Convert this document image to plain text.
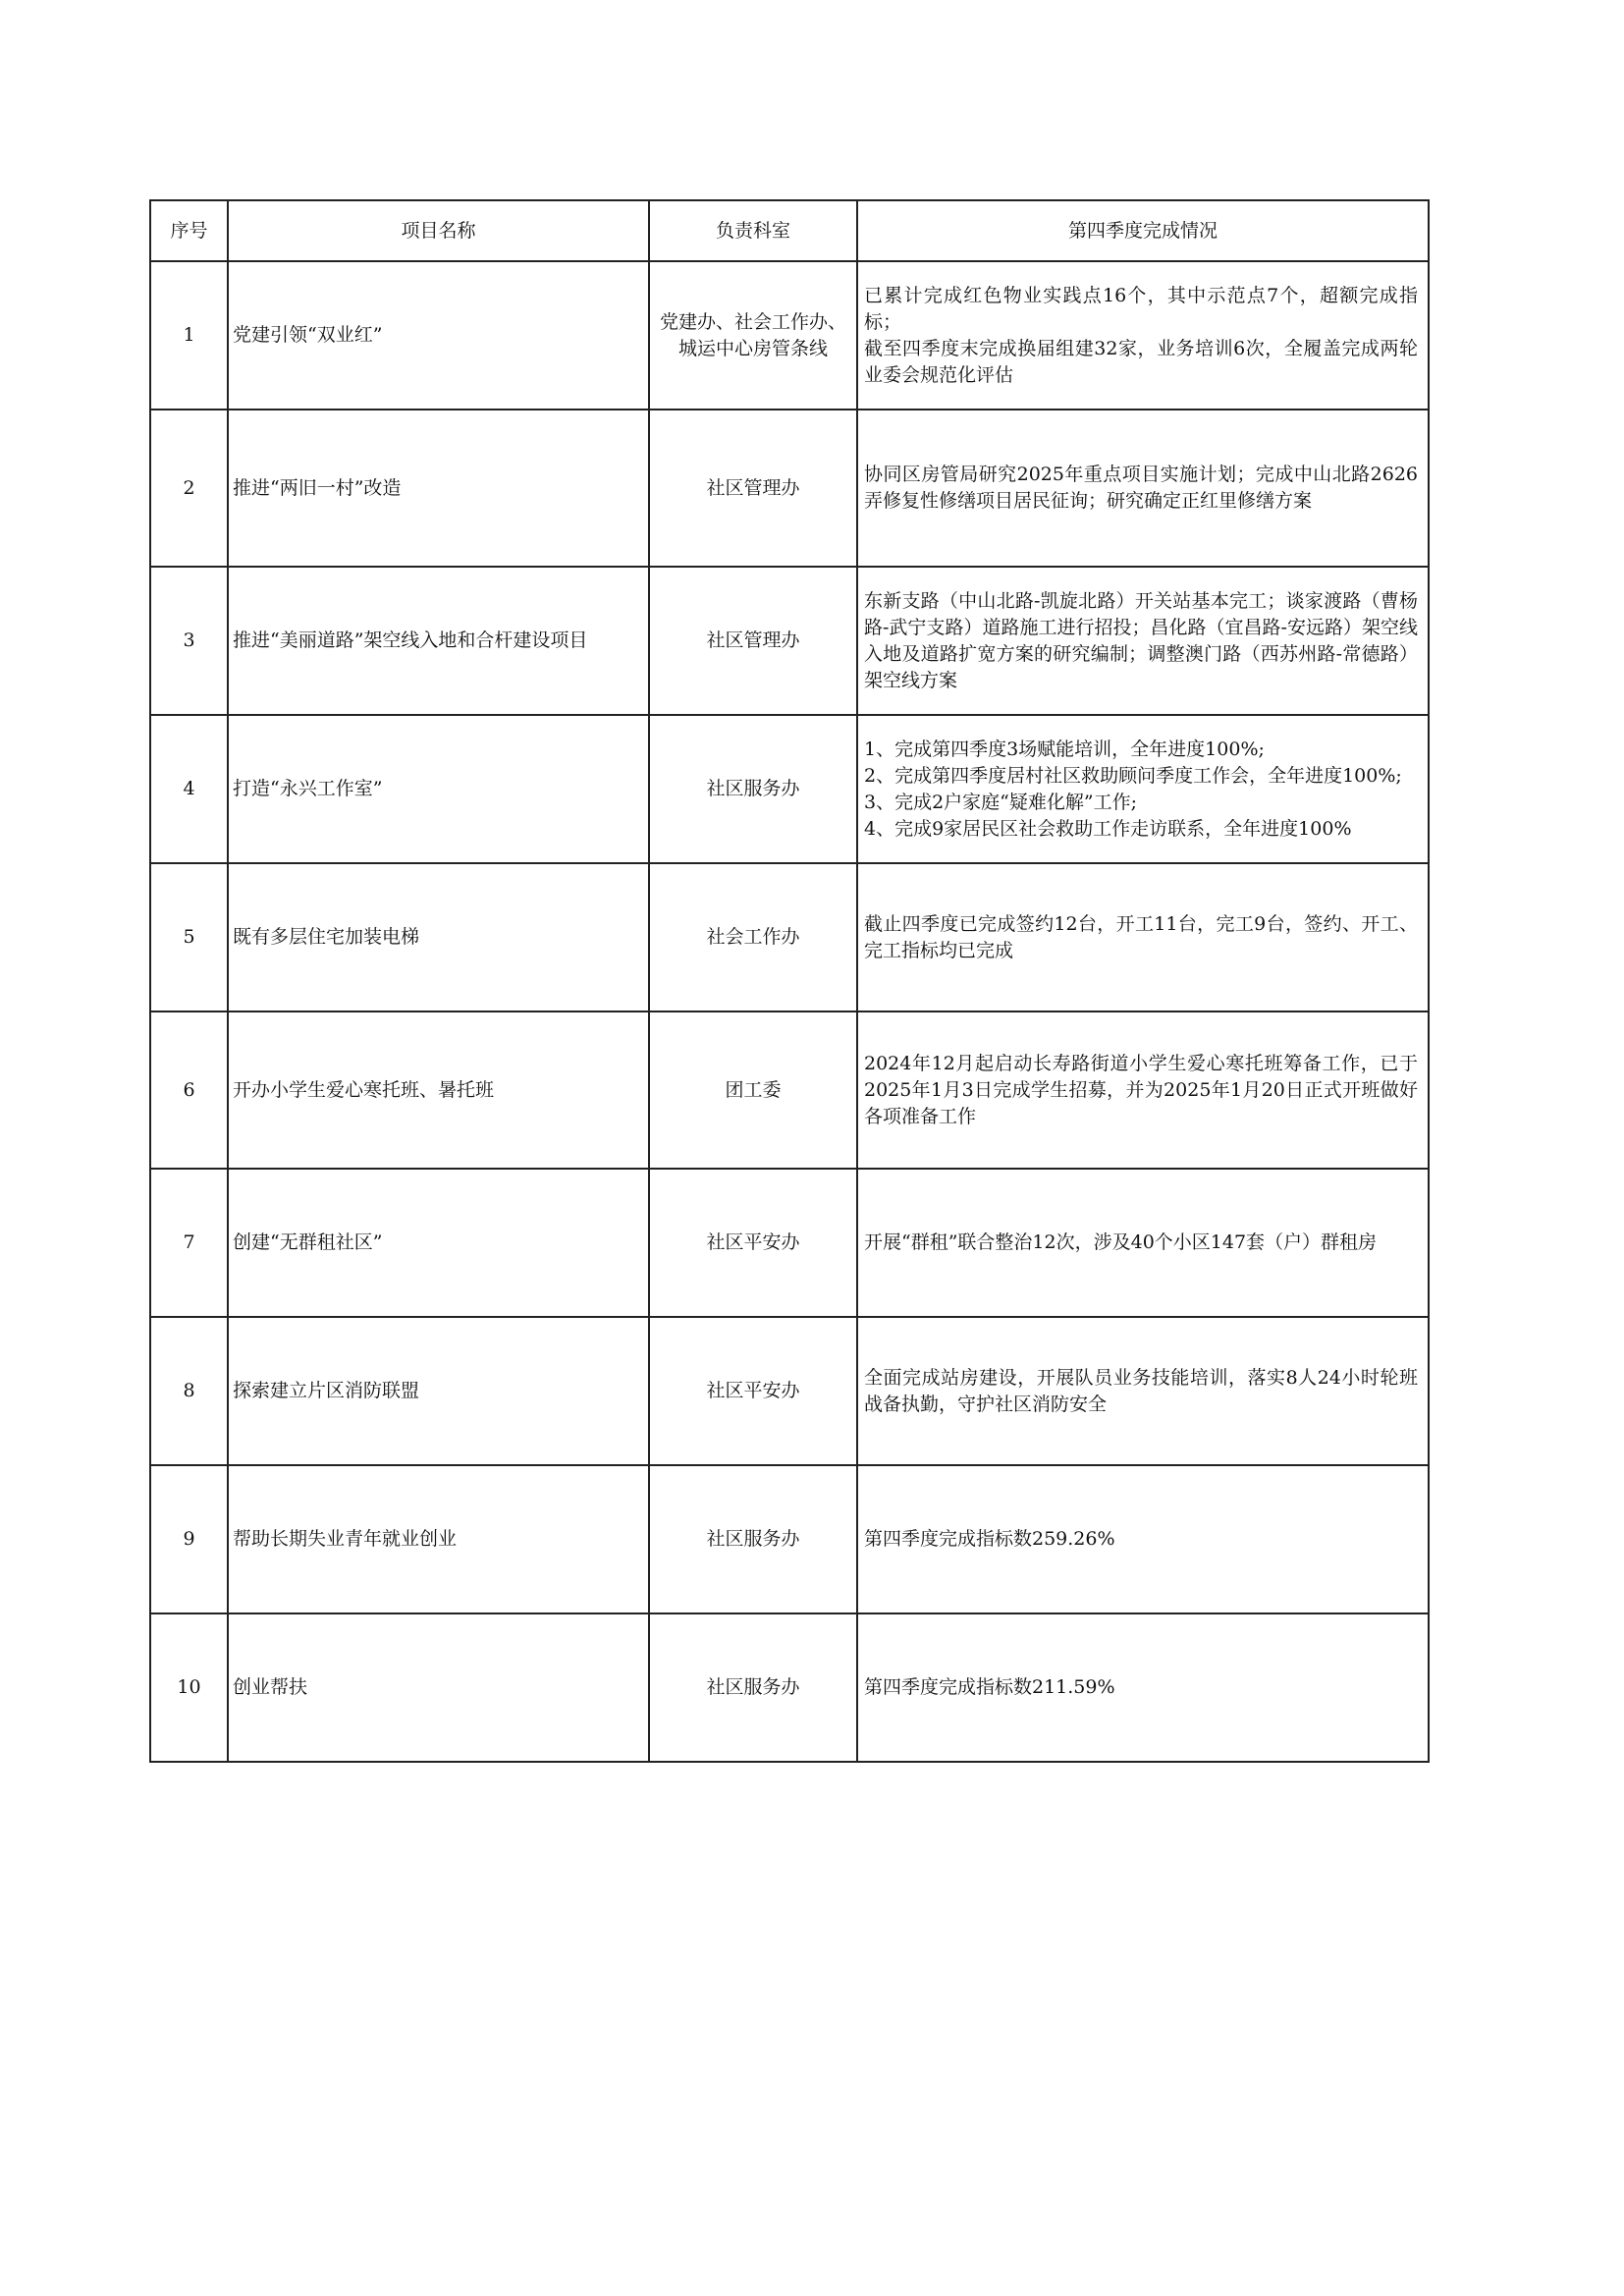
序号	项目名称	负责科室	第四季度完成情况
1	党建引领“双业红”	党建办、社会工作办、城运中心房管条线	已累计完成红色物业实践点16个，其中示范点7个，超额完成指标；
截至四季度末完成换届组建32家，业务培训6次，全履盖完成两轮业委会规范化评估
2	推进“两旧一村”改造	社区管理办	协同区房管局研究2025年重点项目实施计划；完成中山北路2626弄修复性修缮项目居民征询；研究确定正红里修缮方案
3	推进“美丽道路”架空线入地和合杆建设项目	社区管理办	东新支路（中山北路-凯旋北路）开关站基本完工；谈家渡路（曹杨路-武宁支路）道路施工进行招投；昌化路（宜昌路-安远路）架空线入地及道路扩宽方案的研究编制；调整澳门路（西苏州路-常德路）架空线方案
4	打造“永兴工作室”	社区服务办	1、完成第四季度3场赋能培训，全年进度100%;
2、完成第四季度居村社区救助顾问季度工作会，全年进度100%;
3、完成2户家庭“疑难化解”工作;
4、完成9家居民区社会救助工作走访联系，全年进度100%
5	既有多层住宅加装电梯	社会工作办	截止四季度已完成签约12台，开工11台，完工9台，签约、开工、完工指标均已完成
6	开办小学生爱心寒托班、暑托班	团工委	2024年12月起启动长寿路街道小学生爱心寒托班筹备工作，已于2025年1月3日完成学生招募，并为2025年1月20日正式开班做好各项准备工作
7	创建“无群租社区”	社区平安办	开展“群租”联合整治12次，涉及40个小区147套（户）群租房
8	探索建立片区消防联盟	社区平安办	全面完成站房建设，开展队员业务技能培训，落实8人24小时轮班战备执勤，守护社区消防安全
9	帮助长期失业青年就业创业	社区服务办	第四季度完成指标数259.26%
10	创业帮扶	社区服务办	第四季度完成指标数211.59%
